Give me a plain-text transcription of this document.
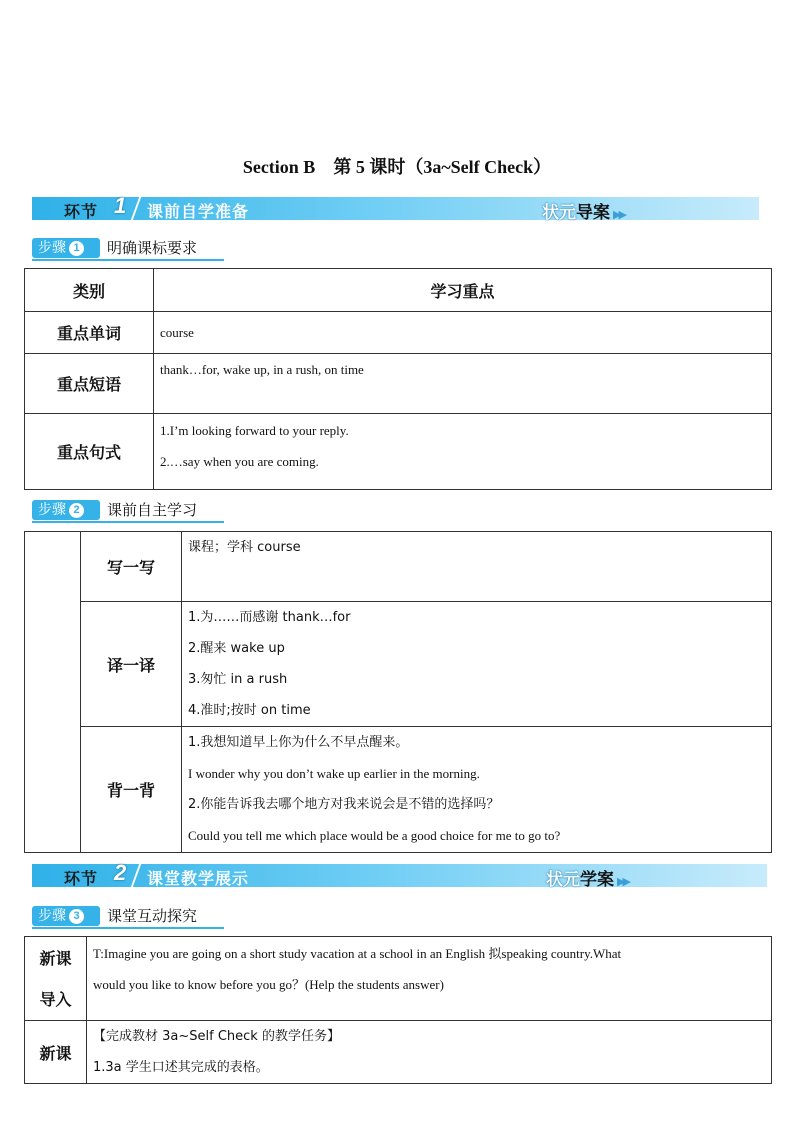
Section B　第 5 课时（3a~Self Check）
环节 1 课前自学准备	状元导案 ▶▶
步骤 1	明确课标要求
类别	学习重点
重点单词	course

重点短语	thank…for, wake up, in a rush, on time

重点句式	1.I’m looking forward to your reply.
2.…say when you are coming.
步骤 2	课前自主学习
	写一写	课程；学科 course

	译一译	1.为……而感谢 thank…for
2.醒来 wake up
3.匆忙 in a rush
4.准时;按时 on time

	背一背	1.我想知道早上你为什么不早点醒来。
I wonder why you don’t wake up earlier in the morning.
2.你能告诉我去哪个地方对我来说会是不错的选择吗？
Could you tell me which place would be a good choice for me to go to?
环节 2 课堂教学展示	状元学案 ▶▶
步骤 3	课堂互动探究
新课
导入	T:Imagine you are going on a short study vacation at a school in an English 拟speaking country.What
would you like to know before you go？(Help the students answer)

新课	【完成教材 3a~Self Check 的教学任务】
1.3a 学生口述其完成的表格。
